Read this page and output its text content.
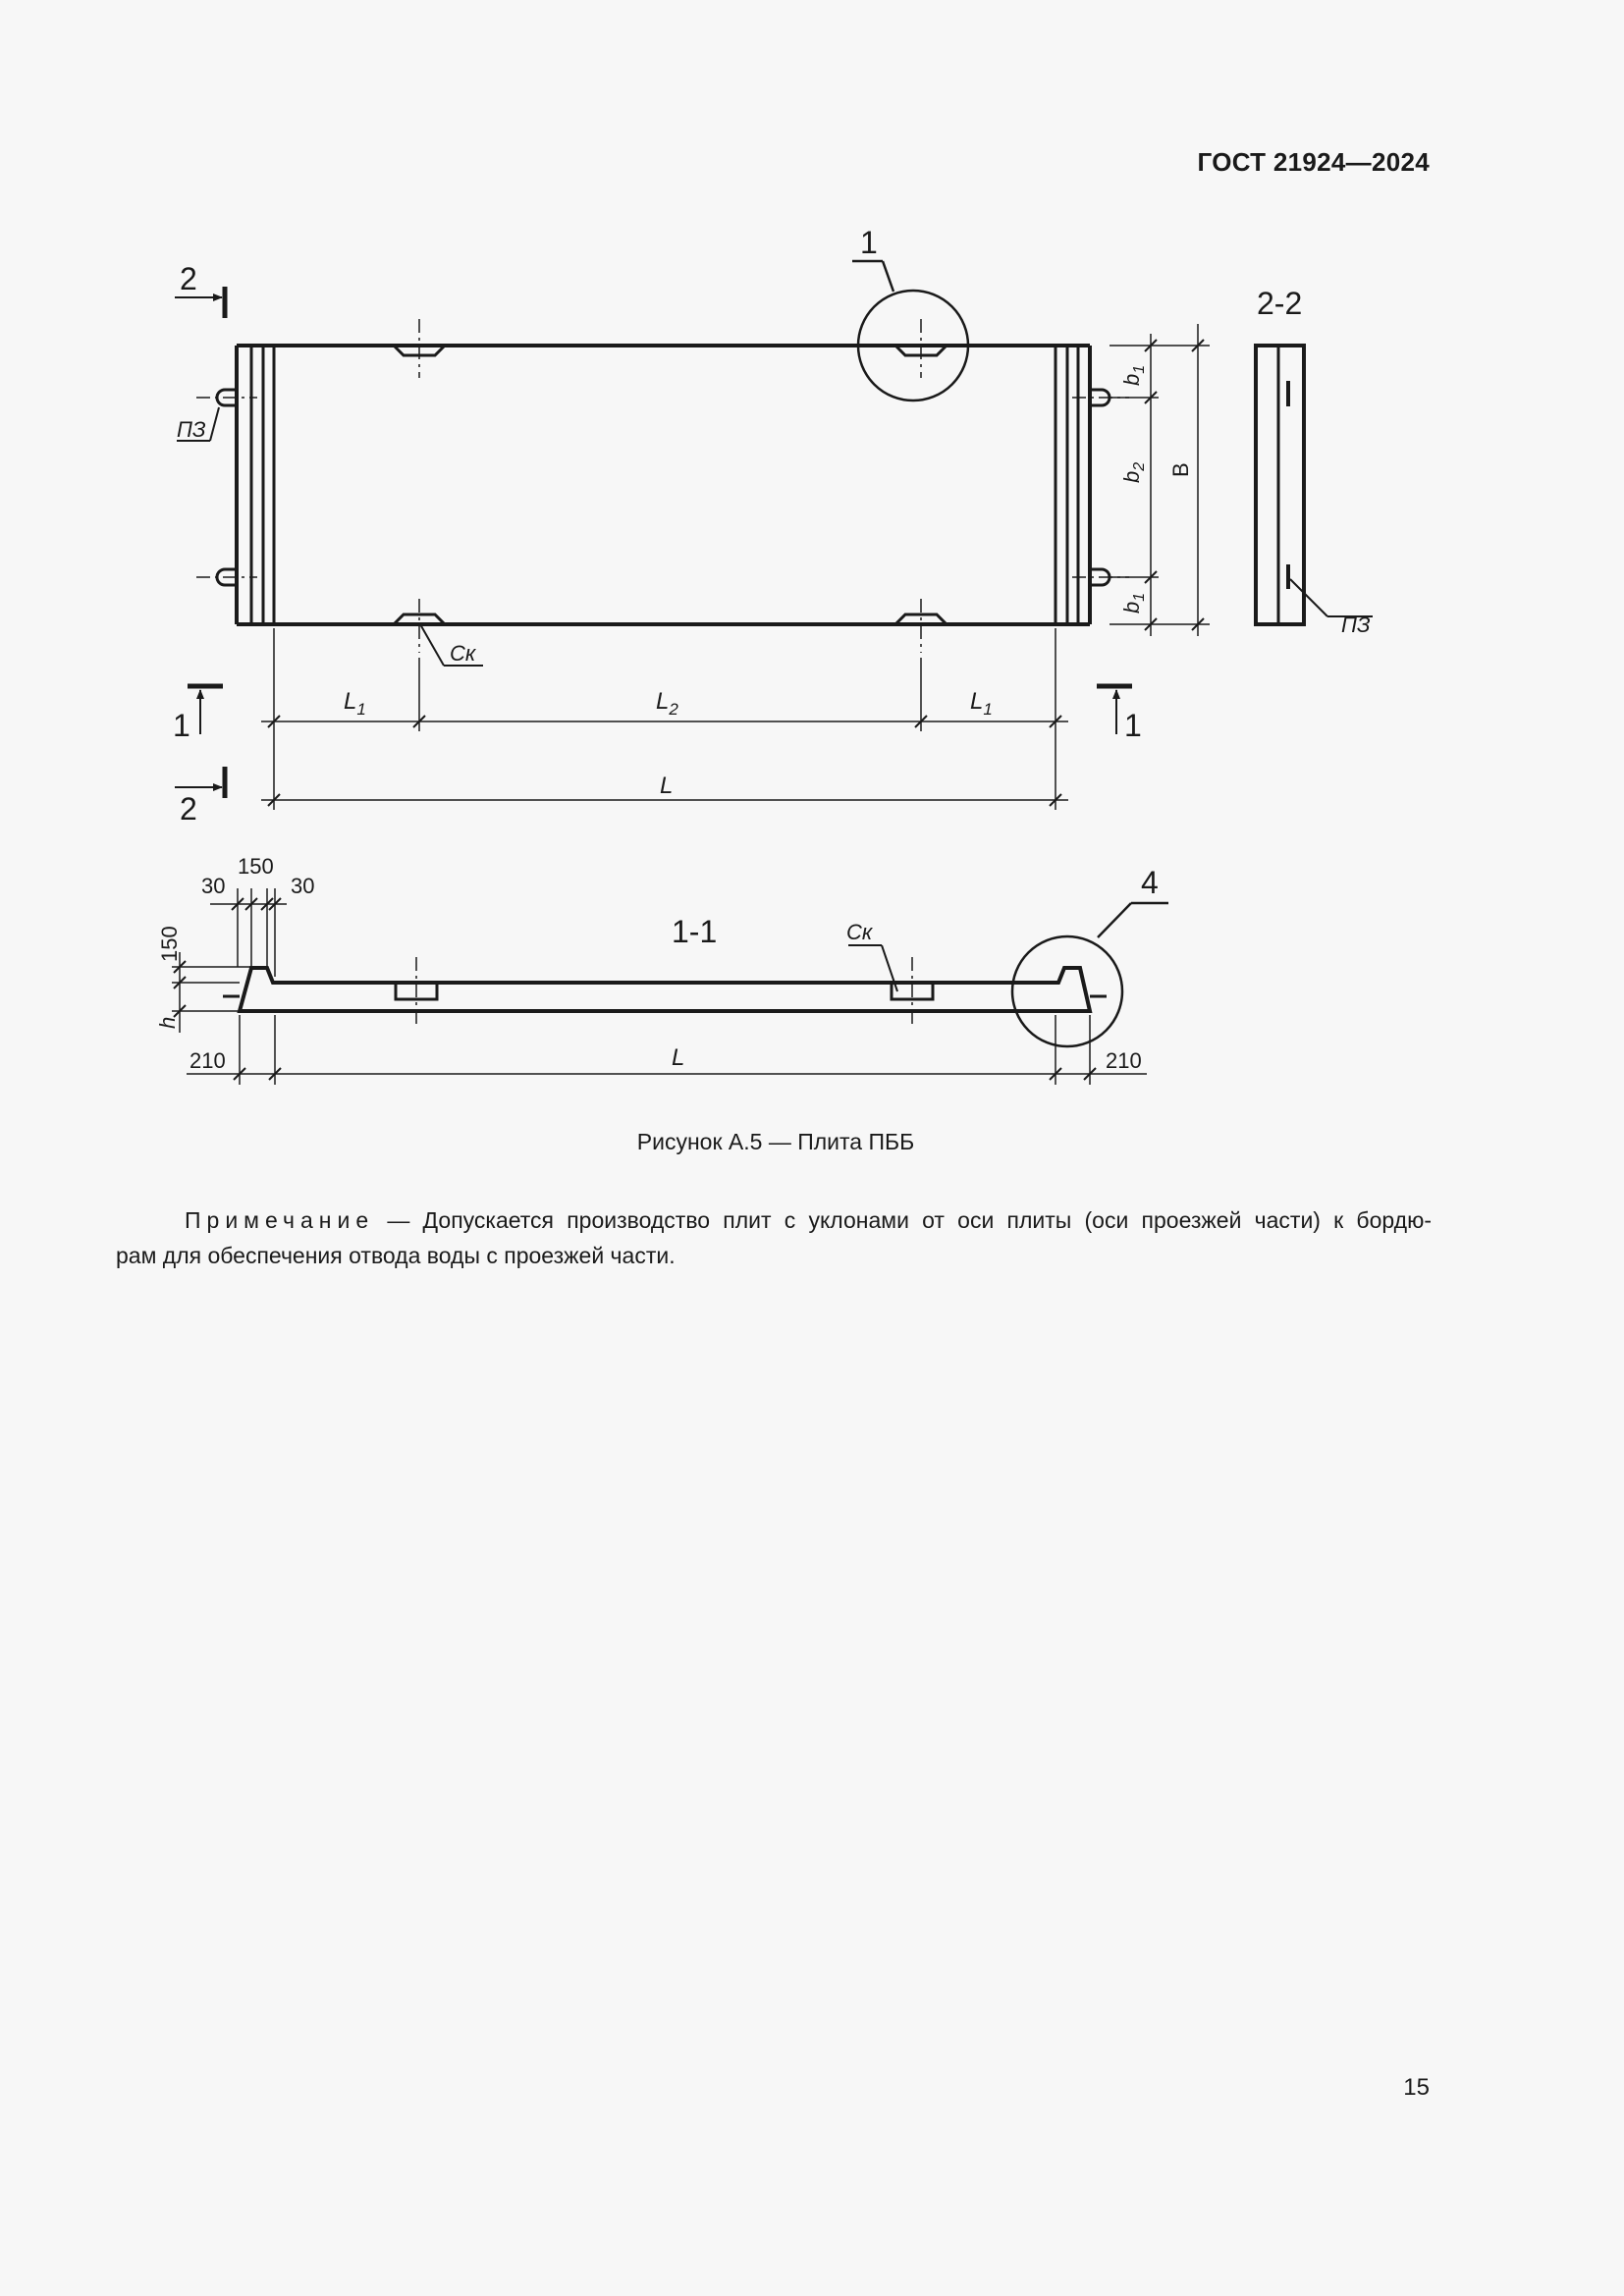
ГОСТ 21924—2024
1
4
2
2
1	1
2-2
1-1
ПЗ
ПЗ
Ск
Ск
$L_1$	$L_2$	$L_1$
L
L
$b_1$
$b_2$
$b_1$
B
150
30	30
150
h
210	210
Рисунок А.5 — Плита ПББ
Примечание — Допускается производство плит с уклонами от оси плиты (оси проезжей части) к бордю-
рам для обеспечения отвода воды с проезжей части.
15
